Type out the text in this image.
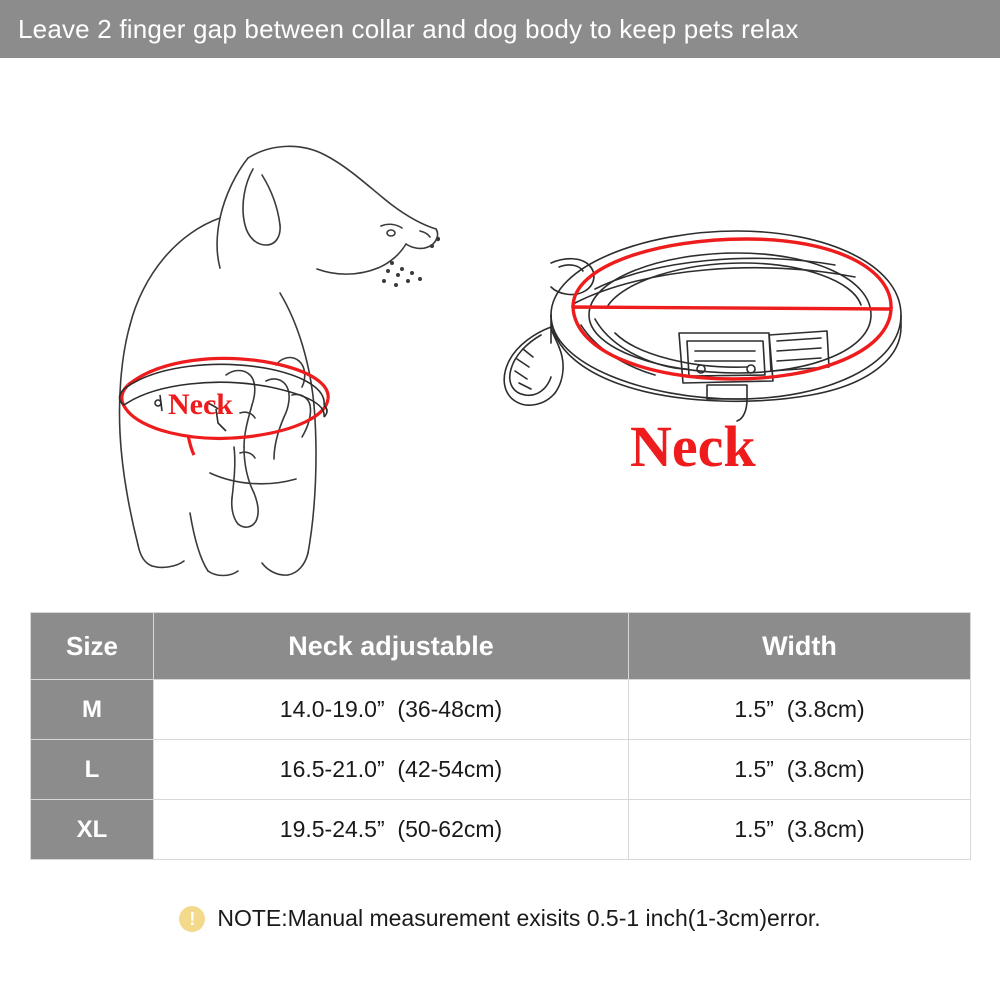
Leave 2 finger gap between collar and dog body to keep pets relax
Neck
Neck
Size	Neck adjustable	Width
M	14.0-19.0”  (36-48cm)	1.5”  (3.8cm)
L	16.5-21.0”  (42-54cm)	1.5”  (3.8cm)
XL	19.5-24.5”  (50-62cm)	1.5”  (3.8cm)
! NOTE:Manual measurement exisits 0.5-1 inch(1-3cm)error.
